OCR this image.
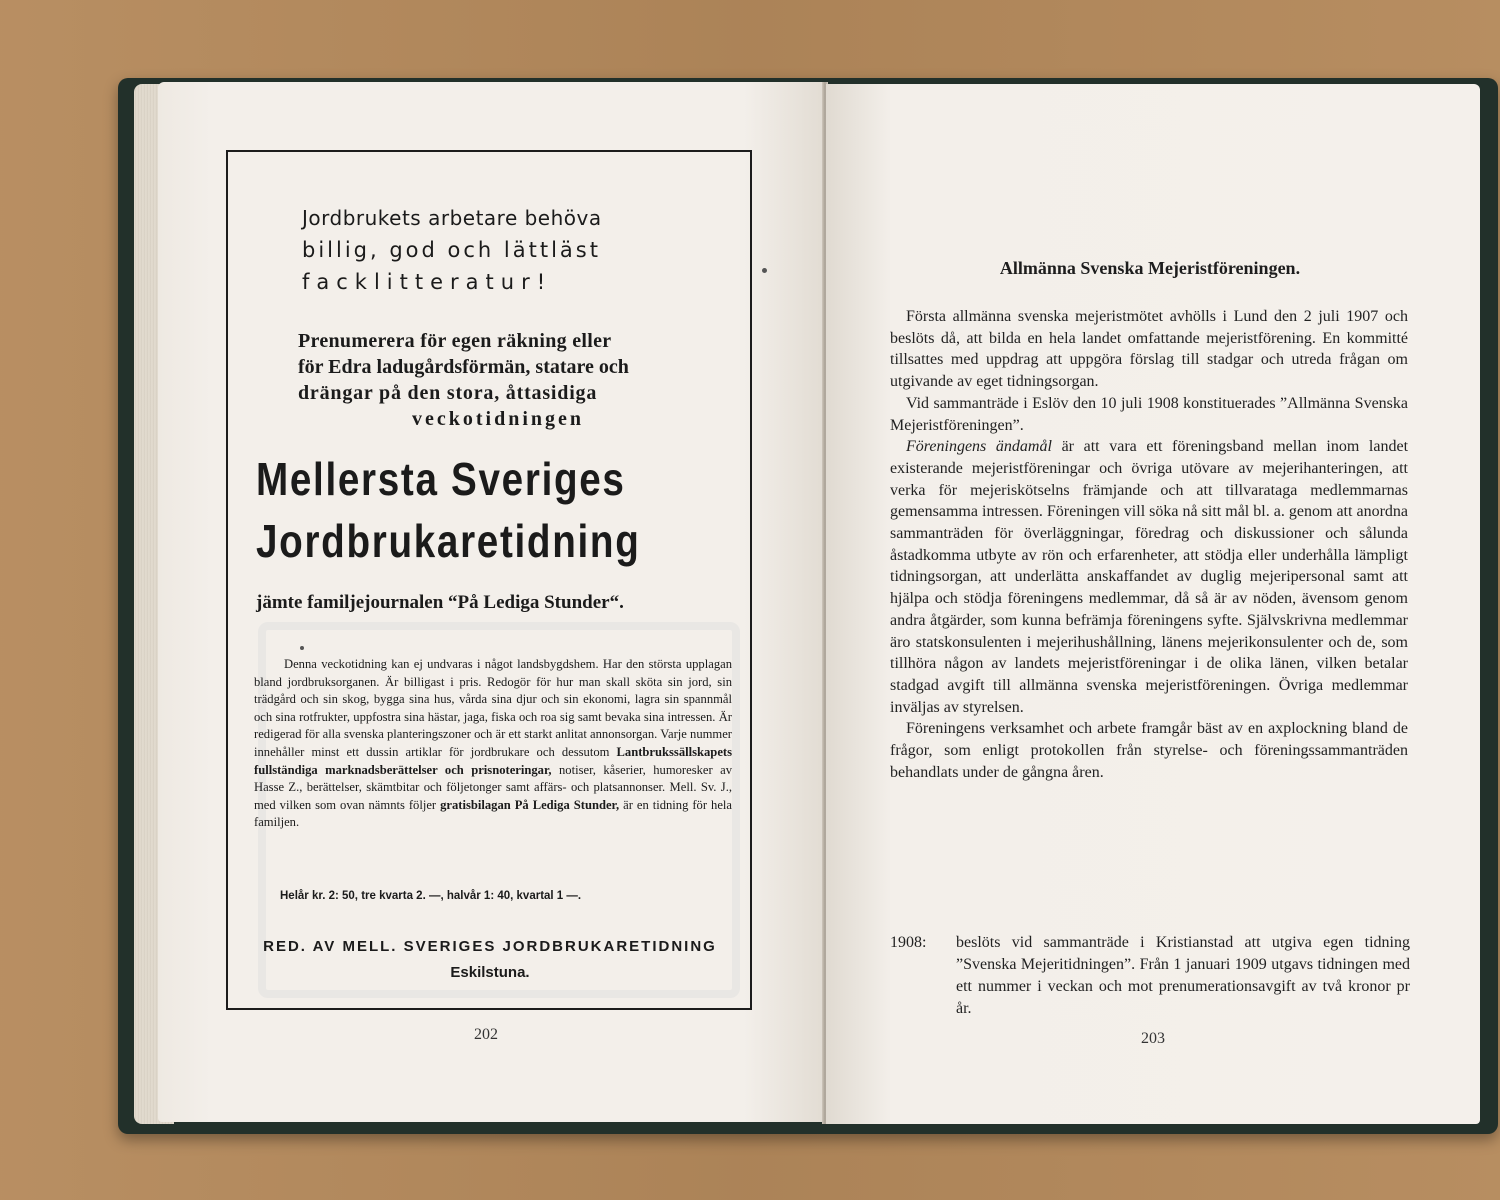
Jordbrukets arbetare behöva
billig, god och lättläst
facklitteratur!
Prenumerera för egen räkning eller
för Edra ladugårdsförmän, statare och
drängar på den stora, åttasidiga
veckotidningen
Mellersta Sveriges
Jordbrukaretidning
jämte familjejournalen “På Lediga Stunder“.
Denna veckotidning kan ej undvaras i något landsbygdshem. Har den största upplagan bland jordbruksorganen. Är billigast i pris. Redogör för hur man skall sköta sin jord, sin trädgård och sin skog, bygga sina hus, vårda sina djur och sin ekonomi, lagra sin spannmål och sina rotfrukter, uppfostra sina hästar, jaga, fiska och roa sig samt bevaka sina intressen. Är redigerad för alla svenska planteringszoner och är ett starkt anlitat annonsorgan. Varje nummer innehåller minst ett dussin artiklar för jordbrukare och dessutom Lantbrukssällskapets fullständiga marknadsberättelser och prisnoteringar, notiser, kåserier, humoresker av Hasse Z., berättelser, skämtbitar och följetonger samt affärs- och platsannonser. Mell. Sv. J., med vilken som ovan nämnts följer gratisbilagan På Lediga Stunder, är en tidning för hela familjen.
Helår kr. 2: 50, tre kvarta 2. —, halvår 1: 40, kvartal 1 —.
RED. AV MELL. SVERIGES JORDBRUKARETIDNING
Eskilstuna.
202
Allmänna Svenska Mejeristföreningen.

Första allmänna svenska mejeristmötet avhölls i Lund den 2 juli 1907 och beslöts då, att bilda en hela landet omfattande mejeristförening. En kommitté tillsattes med uppdrag att uppgöra förslag till stadgar och utreda frågan om utgivande av eget tidningsorgan.

Vid sammanträde i Eslöv den 10 juli 1908 konstituerades ”Allmänna Svenska Mejeristföreningen”.

Föreningens ändamål är att vara ett föreningsband mellan inom landet existerande mejeristföreningar och övriga utövare av mejerihanteringen, att verka för mejeriskötselns främjande och att tillvaratagа medlemmarnas gemensamma intressen. Föreningen vill söka nå sitt mål bl. a. genom att anordna sammanträden för överläggningar, föredrag och diskussioner och sålunda åstadkomma utbyte av rön och erfarenheter, att stödja eller underhålla lämpligt tidningsorgan, att underlätta anskaffandet av duglig mejeripersonal samt att hjälpa och stödja föreningens medlemmar, då så är av nöden, ävensom genom andra åtgärder, som kunna befrämja föreningens syfte. Självskrivna medlemmar äro statskonsulenten i mejerihushållning, länens mejerikonsulenter och de, som tillhöra någon av landets mejeristföreningar i de olika länen, vilken betalar stadgad avgift till allmänna svenska mejeristföreningen. Övriga medlemmar inväljas av styrelsen.

Föreningens verksamhet och arbete framgår bäst av en axplockning bland de frågor, som enligt protokollen från styrelse- och föreningssammanträden behandlats under de gångna åren.

1908:	beslöts vid sammanträde i Kristianstad att utgiva egen tidning ”Svenska Mejeritidningen”. Från 1 januari 1909 utgavs tidningen med ett nummer i veckan och mot prenumerationsavgift av två kronor pr år.
203
